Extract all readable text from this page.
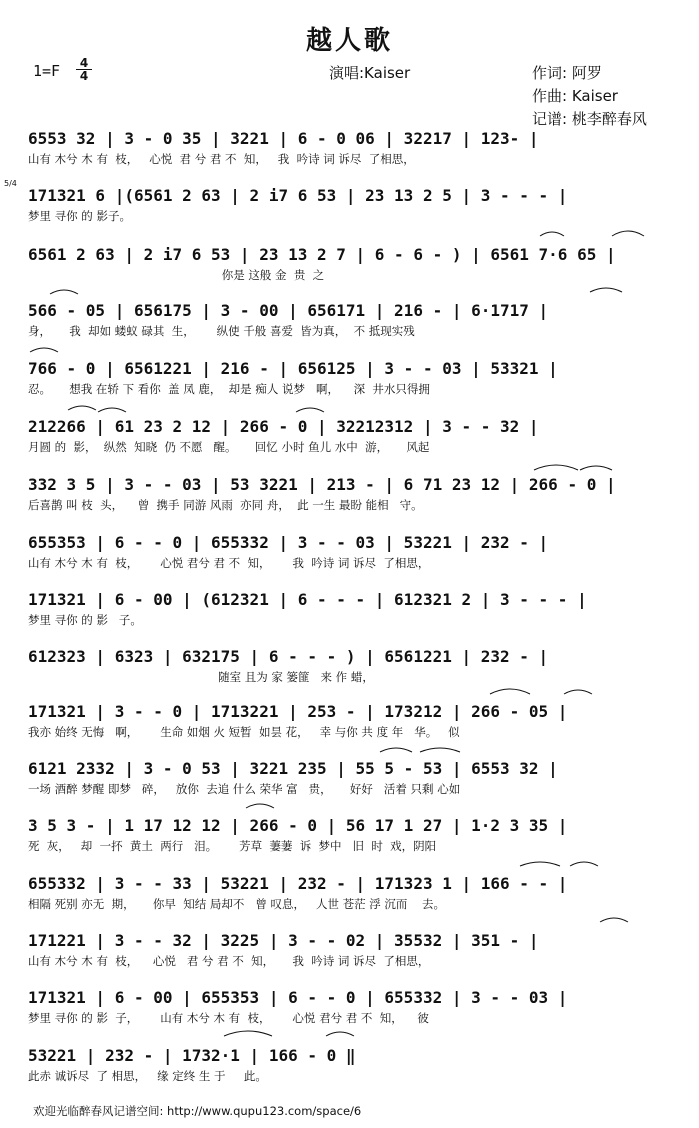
越人歌
1=F	4
4	演唱:Kaiser	作词: 阿罗
作曲: Kaiser
记谱: 桃李醉春风
5/4
6553 32 | 3 - 0 35 | 3221 | 6 - 0 06 | 32217 | 123- |
山有 木兮 木 有  枝，   心悦  君 兮 君 不  知，   我  吟诗 词 诉尽  了相思，
171321 6 |(6561 2 63 | 2 i7 6 53 | 23 13 2 5 | 3 - - - |
梦里 寻你 的 影子。
6561 2 63 | 2 i7 6 53 | 23 13 2 7 | 6 - 6 - ) | 6561 7·6 65 |
你是 这般 金  贵  之
566 - 05 | 656175 | 3 - 00 | 656171 | 216 - | 6·1717 |
身，     我  却如 蝼蚁 碌其  生，      纵使 千般 喜爱  皆为真，  不 抵现实残
766 - 0 | 6561221 | 216 - | 656125 | 3 - - 03 | 53321 |
忍。     想我 在轿 下 看你  盖 凤 鹿，  却是 痴人 说梦   啊，    深  井水只得拥
212266 | 61 23 2 12 | 266 - 0 | 32212312 | 3 - - 32 |
月圆 的  影，  纵然  知晓  仍 不愿   醒。     回忆 小时 鱼儿 水中  游，     风起
332 3 5 | 3 - - 03 | 53 3221 | 213 - | 6 71 23 12 | 266 - 0 |
后喜鹊 叫 枝  头，    曾  携手 同游 风雨  亦同 舟，  此 一生 最盼 能相   守。
655353 | 6 - - 0 | 655332 | 3 - - 03 | 53221 | 232 - |
山有 木兮 木 有  枝，      心悦 君兮 君 不  知，      我  吟诗 词 诉尽  了相思，
171321 | 6 - 00 | (612321 | 6 - - - | 612321 2 | 3 - - - |
梦里 寻你 的 影   子。
612323 | 6323 | 632175 | 6 - - - ) | 6561221 | 232 - |
随室 且为 家 篓篚   来 作 蜡，
171321 | 3 - - 0 | 1713221 | 253 - | 173212 | 266 - 05 |
我亦 始终 无悔   啊，      生命 如烟 火 短暂  如昙 花，   幸 与你 共 度 年   华。   似
6121 2332 | 3 - 0 53 | 3221 235 | 55 5 - 53 | 6553 32 |
一场 酒醉 梦醒 即梦   碎，   放你  去追 什么 荣华 富   贵，     好好   活着 只剩 心如
3 5 3 - | 1 17 12 12 | 266 - 0 | 56 17 1 27 | 1·2 3 35 |
死  灰，   却  一抔  黄土  两行   泪。      芳草  萋萋  诉  梦中   旧  时  戏，阴阳
655332 | 3 - - 33 | 53221 | 232 - | 171323 1 | 166 - - |
相隔 死别 亦无  期，     你早  知结 局却不   曾 叹息，   人世 苍茫 浮 沉而    去。
171221 | 3 - - 32 | 3225 | 3 - - 02 | 35532 | 351 - |
山有 木兮 木 有  枝，    心悦   君 兮 君 不  知，     我  吟诗 词 诉尽  了相思，
171321 | 6 - 00 | 655353 | 6 - - 0 | 655332 | 3 - - 03 |
梦里 寻你 的 影  子，      山有 木兮 木 有  枝，      心悦 君兮 君 不  知，    彼
53221 | 232 - | 1732·1 | 166 - 0 ‖
此赤 诚诉尽  了 相思，   缘 定终 生 于     此。
欢迎光临醉春风记谱空间: http://www.qupu123.com/space/6
